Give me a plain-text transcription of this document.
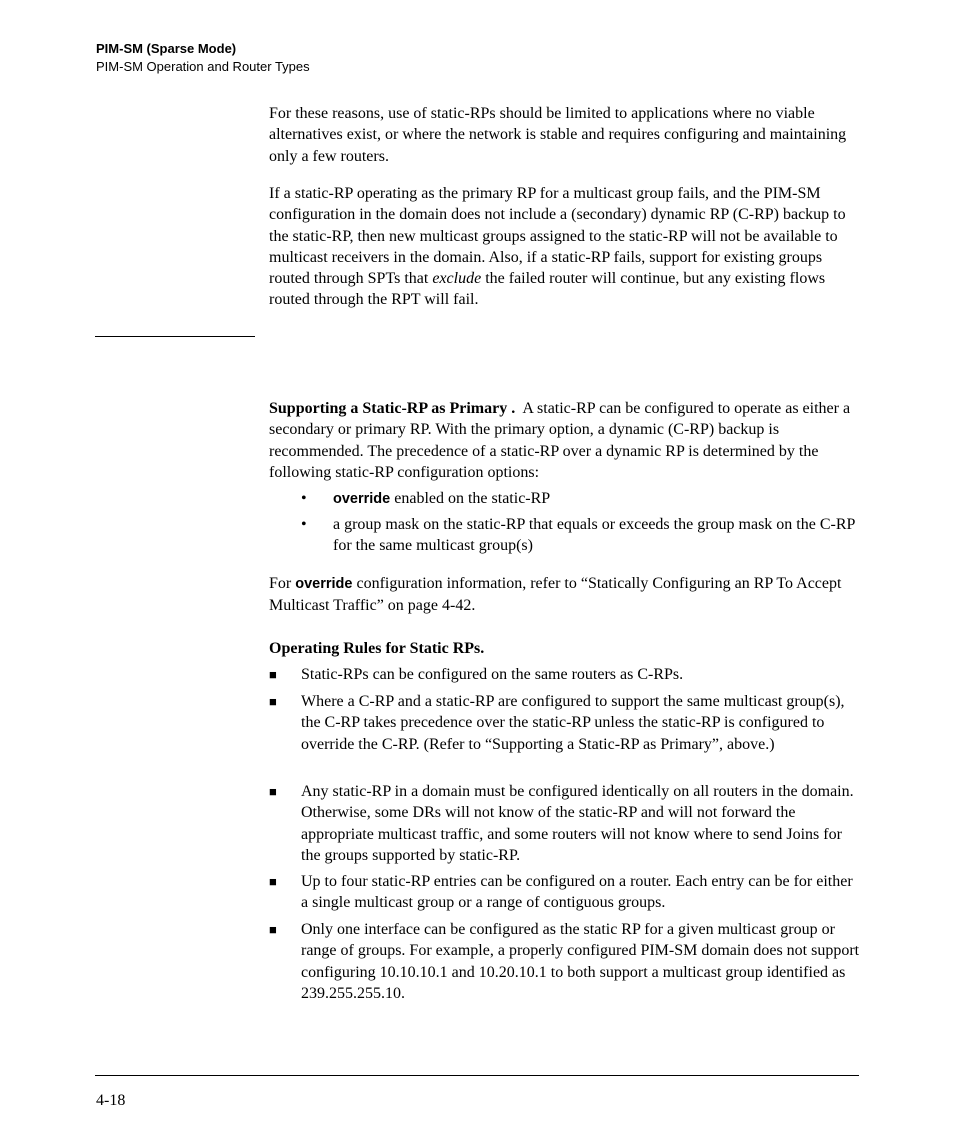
PIM-SM (Sparse Mode)
PIM-SM Operation and Router Types
For these reasons, use of static-RPs should be limited to applications where no viable alternatives exist, or where the network is stable and requires configuring and maintaining only a few routers.
If a static-RP operating as the primary RP for a multicast group fails, and the PIM-SM configuration in the domain does not include a (secondary) dynamic RP (C-RP) backup to the static-RP, then new multicast groups assigned to the static-RP will not be available to multicast receivers in the domain. Also, if a static-RP fails, support for existing groups routed through SPTs that exclude the failed router will continue, but any existing flows routed through the RPT will fail.
Supporting a Static-RP as Primary . A static-RP can be configured to operate as either a secondary or primary RP. With the primary option, a dynamic (C-RP) backup is recommended. The precedence of a static-RP over a dynamic RP is determined by the following static-RP configuration options:
• override enabled on the static-RP
• a group mask on the static-RP that equals or exceeds the group mask on the C-RP for the same multicast group(s)
For override configuration information, refer to “Statically Configuring an RP To Accept Multicast Traffic” on page 4-42.
Operating Rules for Static RPs.
■ Static-RPs can be configured on the same routers as C-RPs.
■ Where a C-RP and a static-RP are configured to support the same multicast group(s), the C-RP takes precedence over the static-RP unless the static-RP is configured to override the C-RP. (Refer to “Supporting a Static-RP as Primary”, above.)
■ Any static-RP in a domain must be configured identically on all routers in the domain. Otherwise, some DRs will not know of the static-RP and will not forward the appropriate multicast traffic, and some routers will not know where to send Joins for the groups supported by static-RP.
■ Up to four static-RP entries can be configured on a router. Each entry can be for either a single multicast group or a range of contiguous groups.
■ Only one interface can be configured as the static RP for a given multicast group or range of groups. For example, a properly configured PIM-SM domain does not support configuring 10.10.10.1 and 10.20.10.1 to both support a multicast group identified as 239.255.255.10.
4-18
